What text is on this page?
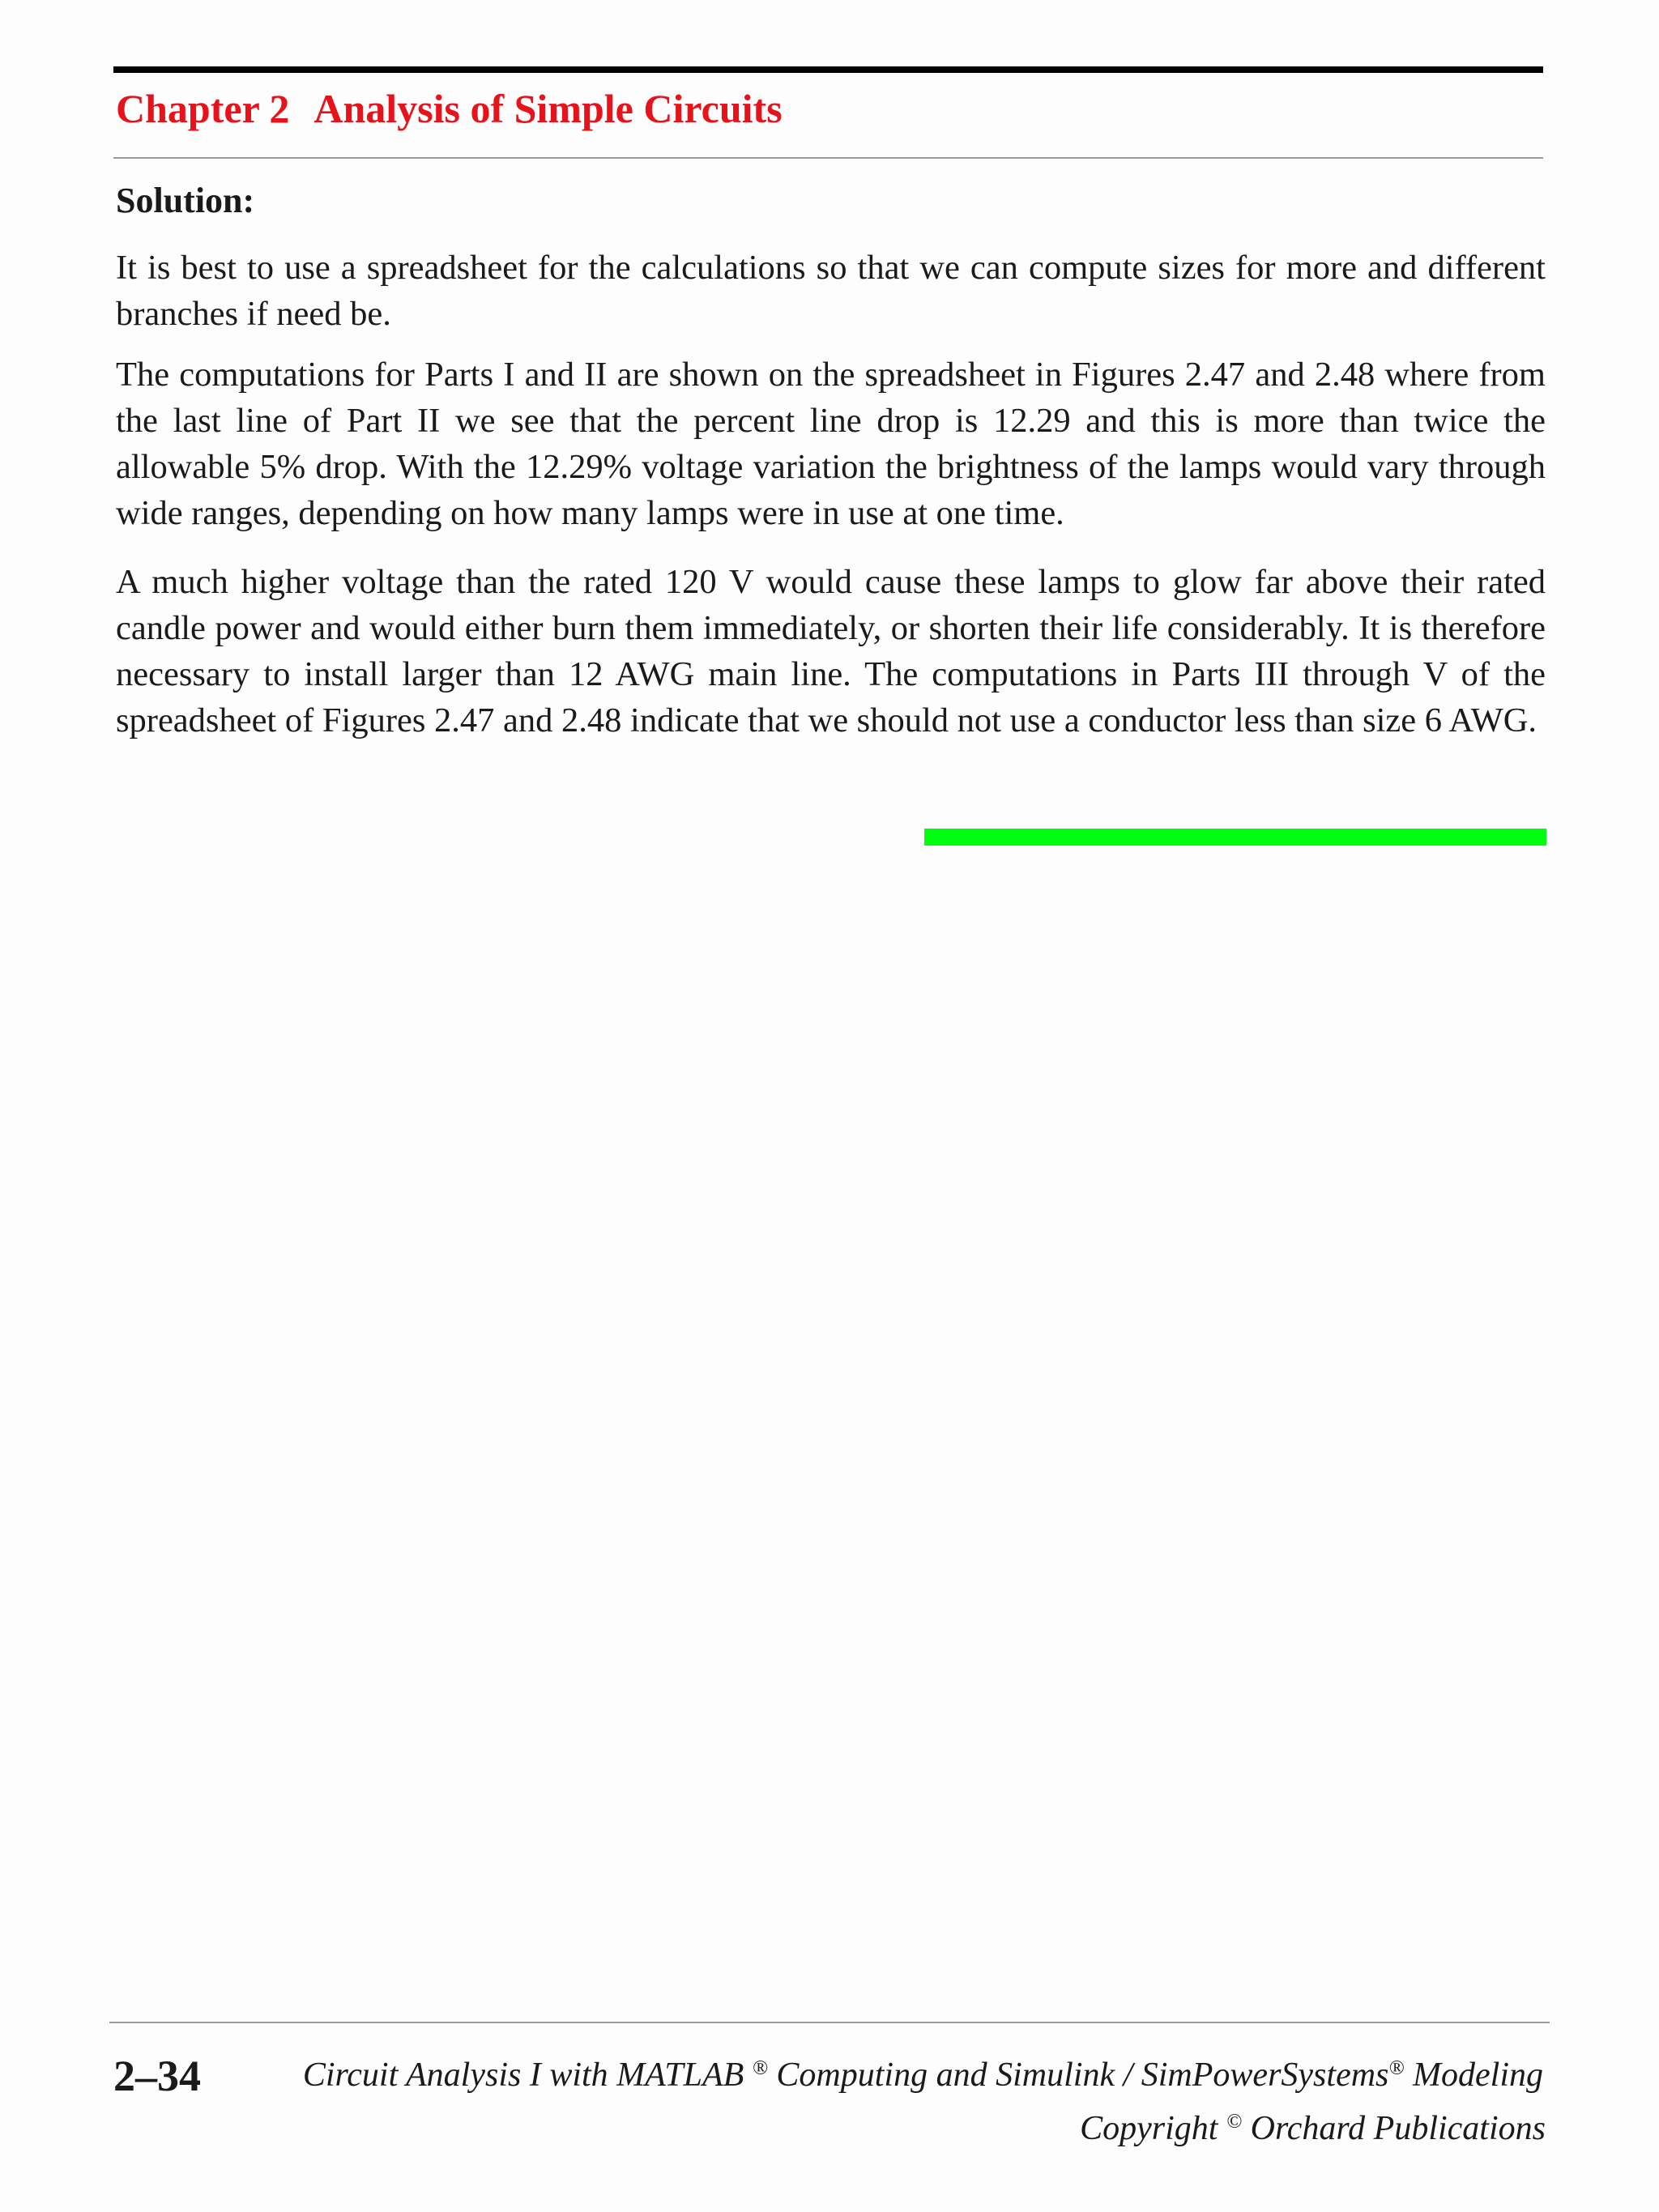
Chapter 2 Analysis of Simple Circuits
Solution:

It is best to use a spreadsheet for the calculations so that we can compute sizes for more and different branches if need be.

The computations for Parts I and II are shown on the spreadsheet in Figures 2.47 and 2.48 where from the last line of Part II we see that the percent line drop is 12.29 and this is more than twice the allowable 5% drop. With the 12.29% voltage variation the brightness of the lamps would vary through wide ranges, depending on how many lamps were in use at one time.

A much higher voltage than the rated 120 V would cause these lamps to glow far above their rated candle power and would either burn them immediately, or shorten their life considerably. It is therefore necessary to install larger than 12 AWG main line. The computations in Parts III through V of the spreadsheet of Figures 2.47 and 2.48 indicate that we should not use a conductor less than size 6 AWG.

2–34	Circuit Analysis I with MATLAB ® Computing and Simulink / SimPowerSystems® Modeling
Copyright © Orchard Publications
